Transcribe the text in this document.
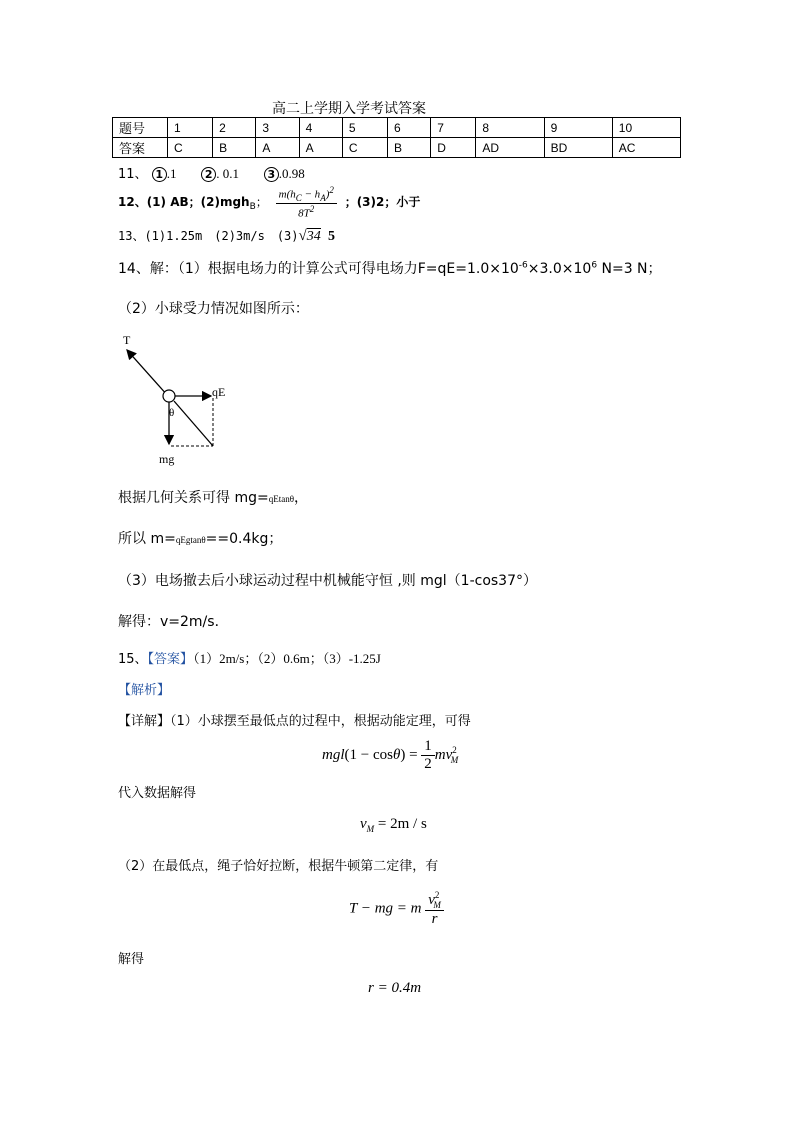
高二上学期入学考试答案
题号	1	2	3	4	5	6	7	8	9	10
答案	C	B	A	A	C	B	D	AD	BD	AC
11、 1 .1	2 . 0.1	3 .0.98
12、(1) AB；(2)mgh$_B$； $\frac{m(h_C - h_A)^2}{8T^2}$ ；(3)2；小于
13、(1)1.25m　(2)3m/s　(3)√34 5
14、解：（1）根据电场力的计算公式可得电场力$F=qE=1.0\times 10^{-6}\times 3.0\times 10^6$ N=3 N；
（2）小球受力情况如图所示：
T
qE
θ
mg
根据几何关系可得 mg=qEtanθ，
所以 m=qEgtanθ==0.4kg；
（3）电场撤去后小球运动过程中机械能守恒 ,则 mgl（1-cos37°）
解得：v=2m/s．
15、【答案】（1）2m/s；（2）0.6m；（3）-1.25J
【解析】
【详解】（1）小球摆至最低点的过程中，根据动能定理，可得
$mgl(1 - \cos\theta) = \frac{1}{2} mv^2_M$
代入数据解得
$v_M = 2m / s$
（2）在最低点，绳子恰好拉断，根据牛顿第二定律，有
T − mg = m $\frac{v^2_M}{r}$
解得
r = 0.4m
